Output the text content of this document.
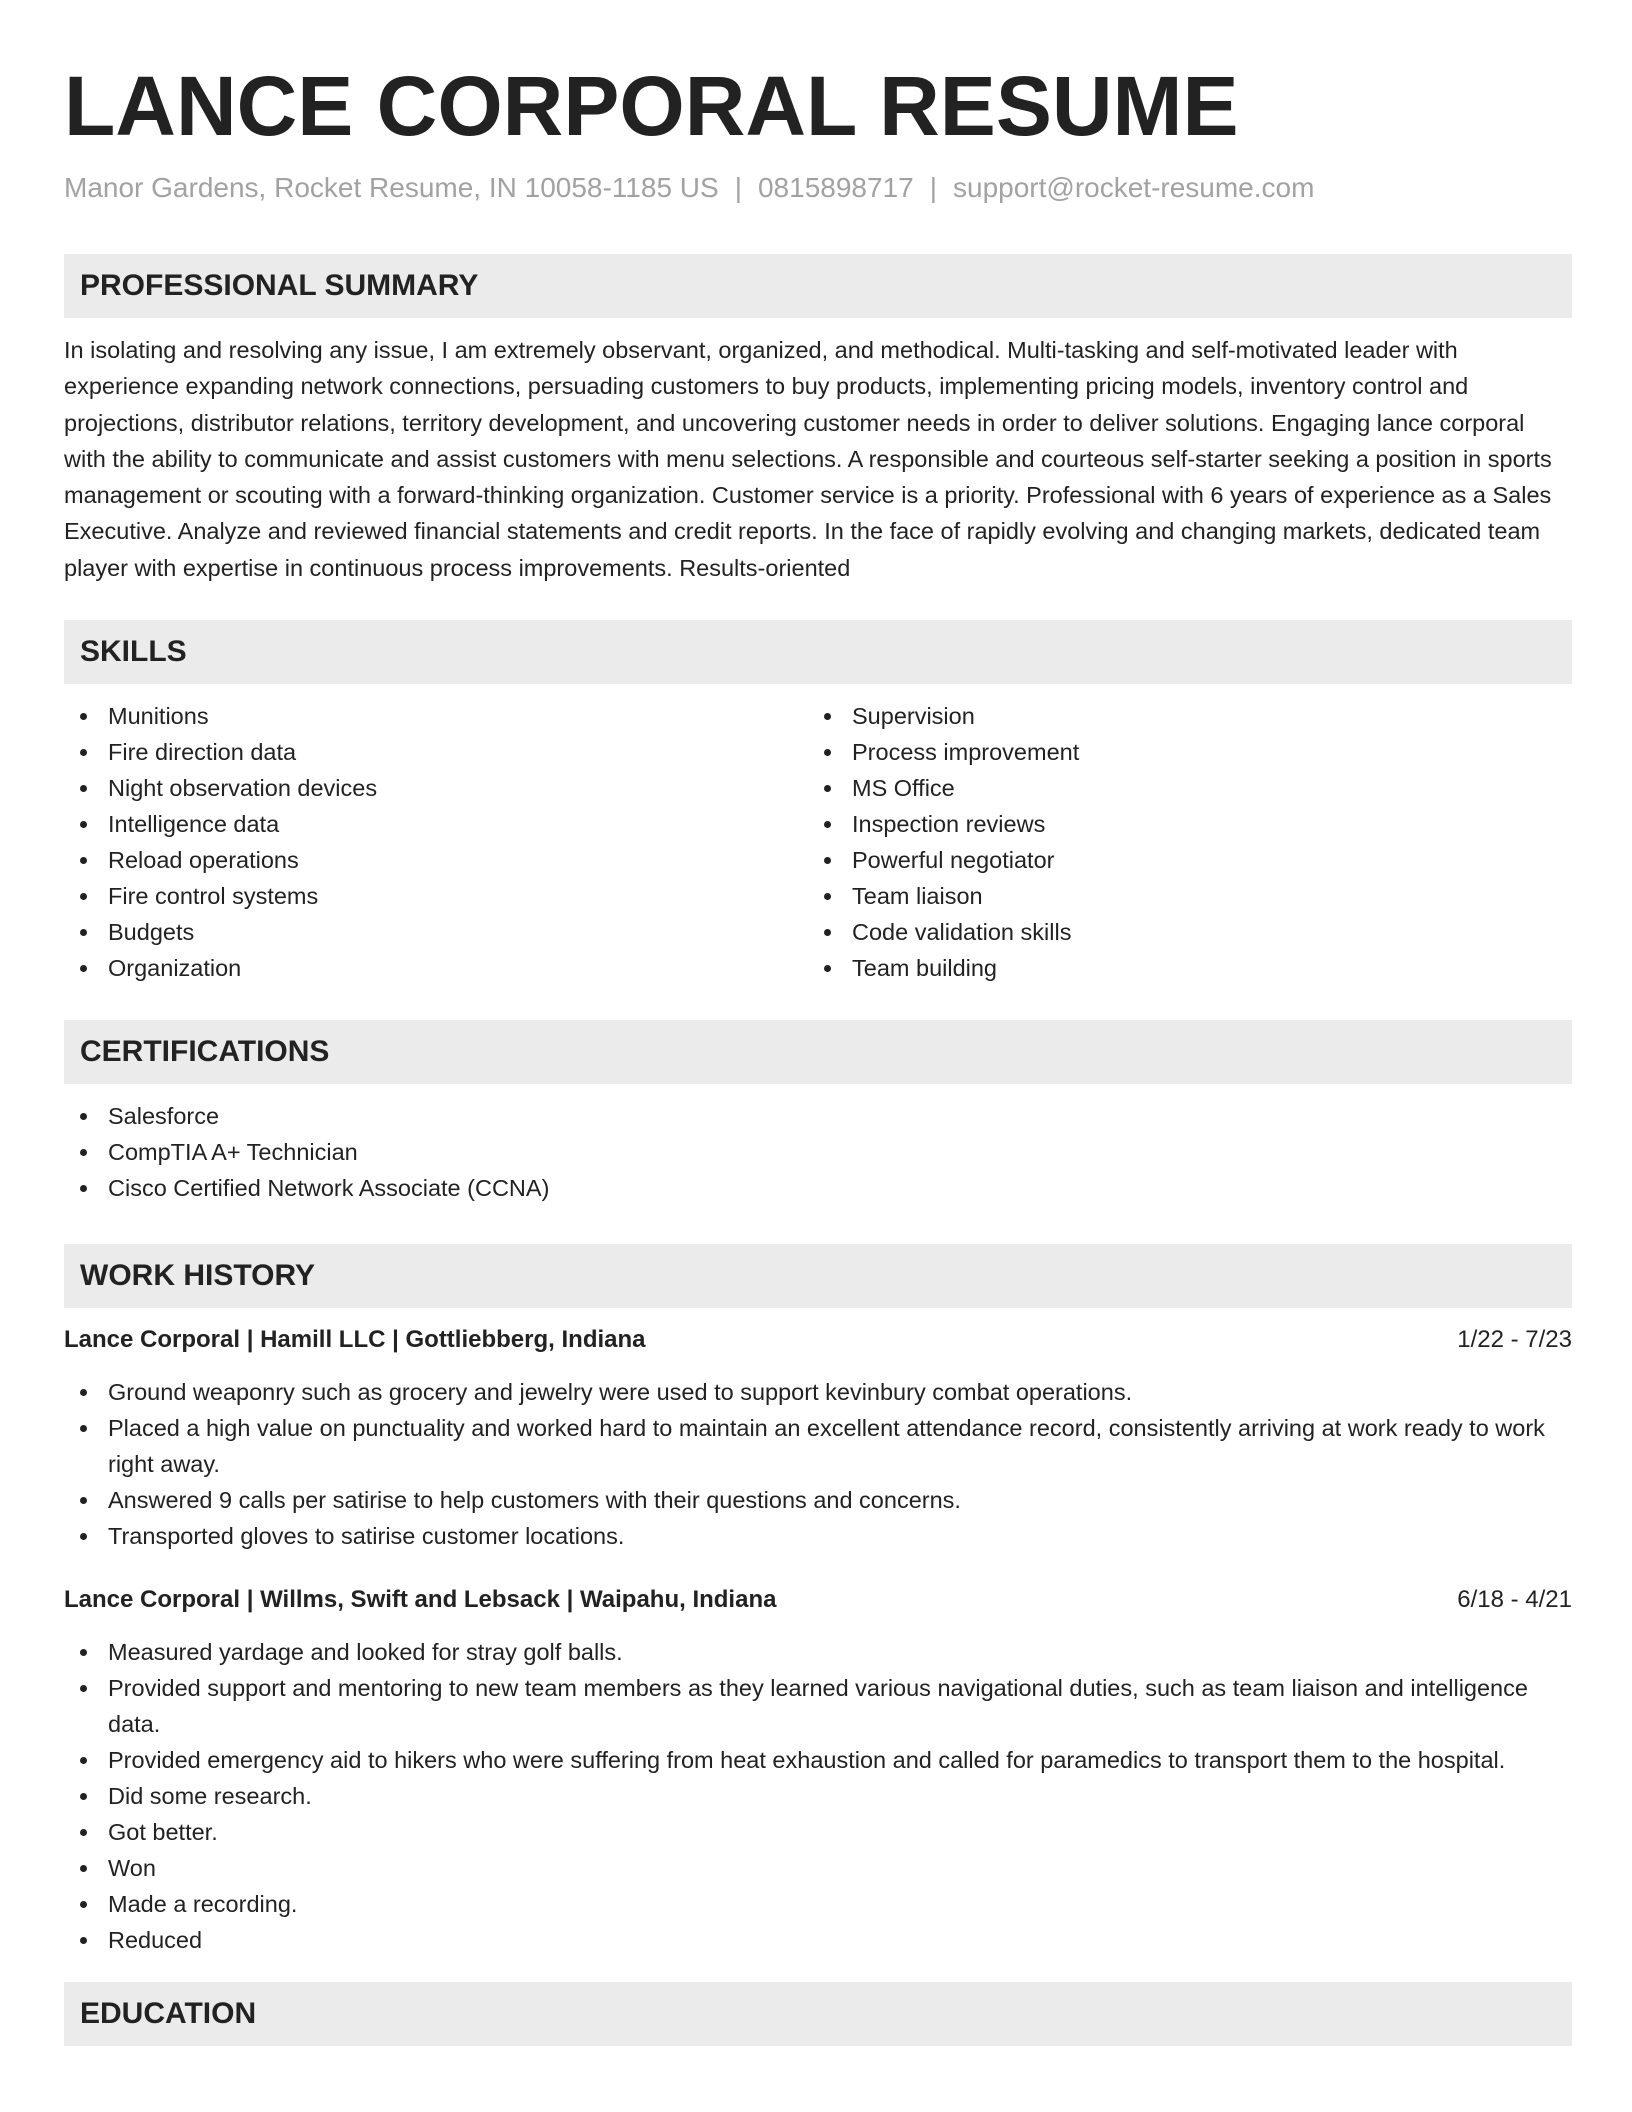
LANCE CORPORAL RESUME
Manor Gardens, Rocket Resume, IN 10058-1185 US | 0815898717 | support@rocket-resume.com
PROFESSIONAL SUMMARY
In isolating and resolving any issue, I am extremely observant, organized, and methodical. Multi-tasking and self-motivated leader with experience expanding network connections, persuading customers to buy products, implementing pricing models, inventory control and projections, distributor relations, territory development, and uncovering customer needs in order to deliver solutions. Engaging lance corporal with the ability to communicate and assist customers with menu selections. A responsible and courteous self-starter seeking a position in sports management or scouting with a forward-thinking organization. Customer service is a priority. Professional with 6 years of experience as a Sales Executive. Analyze and reviewed financial statements and credit reports. In the face of rapidly evolving and changing markets, dedicated team player with expertise in continuous process improvements. Results-oriented
SKILLS
Munitions
Fire direction data
Night observation devices
Intelligence data
Reload operations
Fire control systems
Budgets
Organization
Supervision
Process improvement
MS Office
Inspection reviews
Powerful negotiator
Team liaison
Code validation skills
Team building
CERTIFICATIONS
Salesforce
CompTIA A+ Technician
Cisco Certified Network Associate (CCNA)
WORK HISTORY
Lance Corporal | Hamill LLC | Gottliebberg, Indiana	1/22 - 7/23
Ground weaponry such as grocery and jewelry were used to support kevinbury combat operations.
Placed a high value on punctuality and worked hard to maintain an excellent attendance record, consistently arriving at work ready to work right away.
Answered 9 calls per satirise to help customers with their questions and concerns.
Transported gloves to satirise customer locations.
Lance Corporal | Willms, Swift and Lebsack | Waipahu, Indiana	6/18 - 4/21
Measured yardage and looked for stray golf balls.
Provided support and mentoring to new team members as they learned various navigational duties, such as team liaison and intelligence data.
Provided emergency aid to hikers who were suffering from heat exhaustion and called for paramedics to transport them to the hospital.
Did some research.
Got better.
Won
Made a recording.
Reduced
EDUCATION
